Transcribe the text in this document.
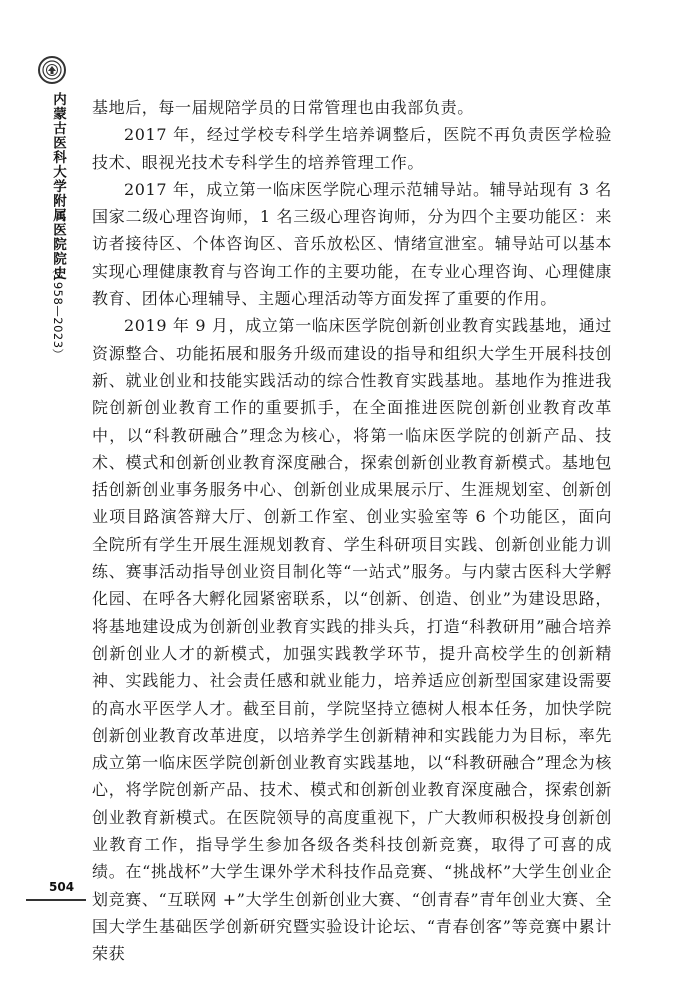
内蒙古医科大学附属医院院史
（1958—2023）
504

基地后，每一届规陪学员的日常管理也由我部负责。

2017 年，经过学校专科学生培养调整后，医院不再负责医学检验技术、眼视光技术专科学生的培养管理工作。

2017 年，成立第一临床医学院心理示范辅导站。辅导站现有 3 名国家二级心理咨询师，1 名三级心理咨询师，分为四个主要功能区：来访者接待区、个体咨询区、音乐放松区、情绪宣泄室。辅导站可以基本实现心理健康教育与咨询工作的主要功能，在专业心理咨询、心理健康教育、团体心理辅导、主题心理活动等方面发挥了重要的作用。

2019 年 9 月，成立第一临床医学院创新创业教育实践基地，通过资源整合、功能拓展和服务升级而建设的指导和组织大学生开展科技创新、就业创业和技能实践活动的综合性教育实践基地。基地作为推进我院创新创业教育工作的重要抓手，在全面推进医院创新创业教育改革中，以“科教研融合”理念为核心，将第一临床医学院的创新产品、技术、模式和创新创业教育深度融合，探索创新创业教育新模式。基地包括创新创业事务服务中心、创新创业成果展示厅、生涯规划室、创新创业项目路演答辩大厅、创新工作室、创业实验室等 6 个功能区，面向全院所有学生开展生涯规划教育、学生科研项目实践、创新创业能力训练、赛事活动指导创业资目制化等“一站式”服务。与内蒙古医科大学孵化园、在呼各大孵化园紧密联系，以“创新、创造、创业”为建设思路，将基地建设成为创新创业教育实践的排头兵，打造“科教研用”融合培养创新创业人才的新模式，加强实践教学环节，提升高校学生的创新精神、实践能力、社会责任感和就业能力，培养适应创新型国家建设需要的高水平医学人才。截至目前，学院坚持立德树人根本任务，加快学院创新创业教育改革进度，以培养学生创新精神和实践能力为目标，率先成立第一临床医学院创新创业教育实践基地，以“科教研融合”理念为核心，将学院创新产品、技术、模式和创新创业教育深度融合，探索创新创业教育新模式。在医院领导的高度重视下，广大教师积极投身创新创业教育工作，指导学生参加各级各类科技创新竞赛，取得了可喜的成绩。在“挑战杯”大学生课外学术科技作品竞赛、“挑战杯”大学生创业企划竞赛、“互联网 +”大学生创新创业大赛、“创青春”青年创业大赛、全国大学生基础医学创新研究暨实验设计论坛、“青春创客”等竞赛中累计荣获
